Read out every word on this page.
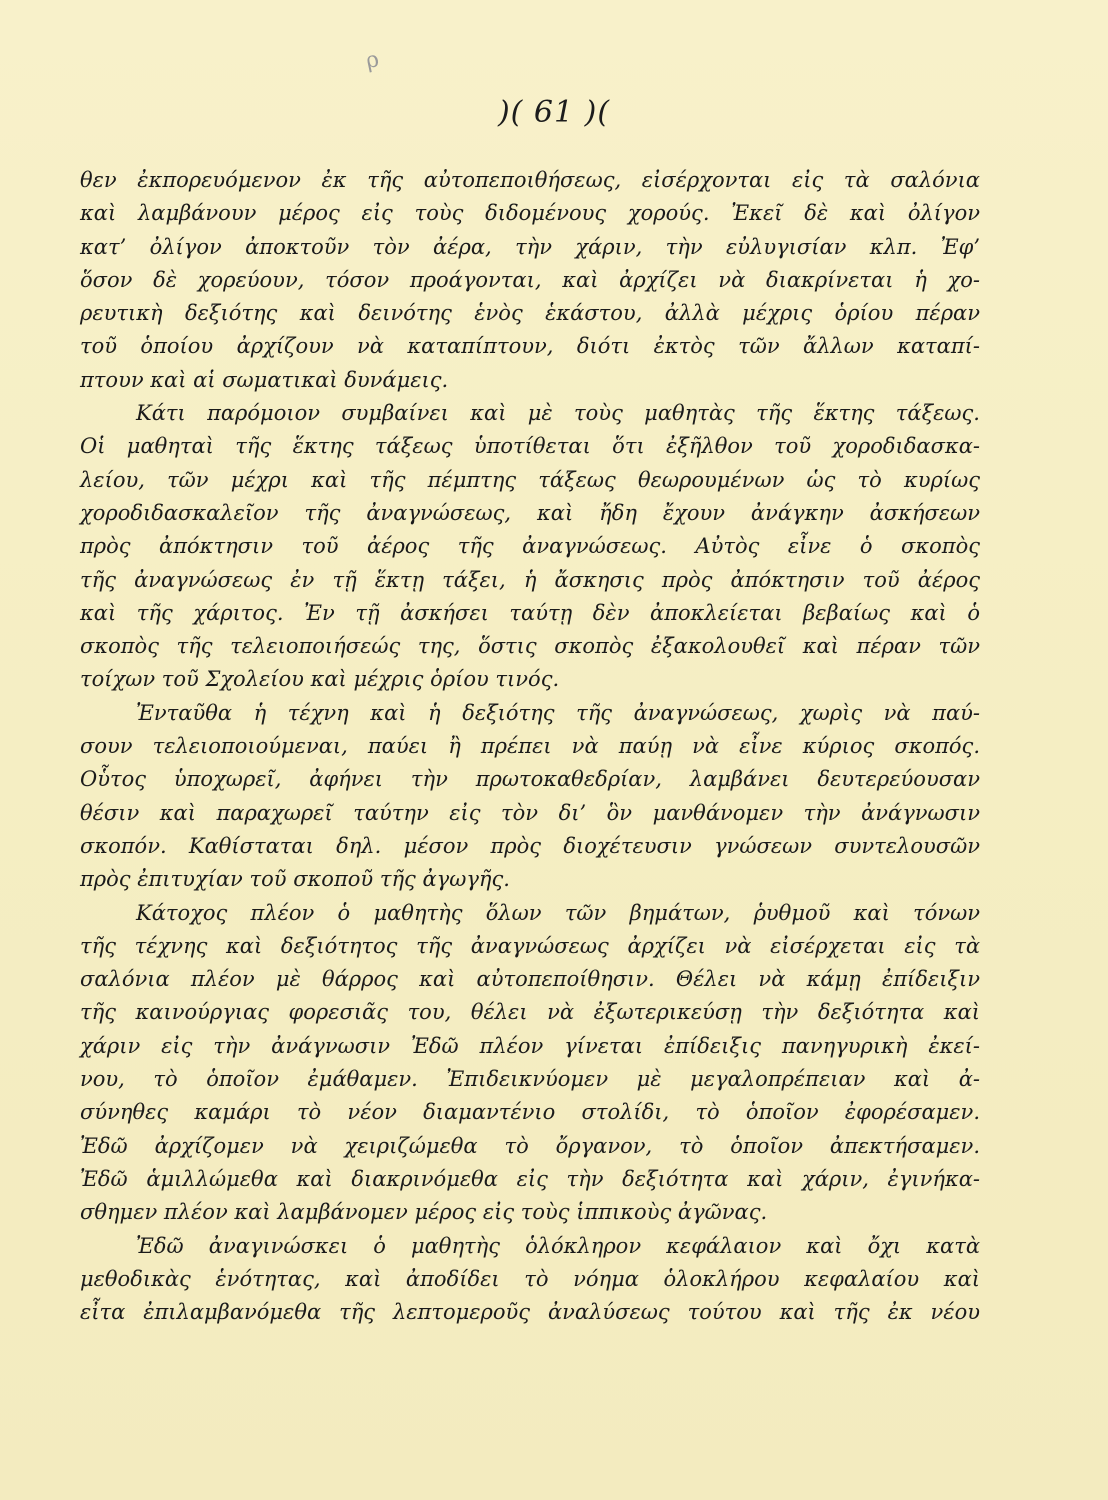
ρ
)( 61 )(
θεν ἐκπορευόμενον ἐκ τῆς αὐτοπεποιθήσεως, εἰσέρχονται εἰς τὰ σαλόνια
καὶ λαμβάνουν μέρος εἰς τοὺς διδομένους χορούς. Ἐκεῖ δὲ καὶ ὀλίγον
κατ’ ὀλίγον ἀποκτοῦν τὸν ἀέρα, τὴν χάριν, τὴν εὐλυγισίαν κλπ. Ἐφ’
ὅσον δὲ χορεύουν, τόσον προάγονται, καὶ ἀρχίζει νὰ διακρίνεται ἡ χο-
ρευτικὴ δεξιότης καὶ δεινότης ἑνὸς ἑκάστου, ἀλλὰ μέχρις ὁρίου πέραν
τοῦ ὁποίου ἀρχίζουν νὰ καταπίπτουν, διότι ἐκτὸς τῶν ἄλλων καταπί-
πτουν καὶ αἱ σωματικαὶ δυνάμεις.
Κάτι παρόμοιον συμβαίνει καὶ μὲ τοὺς μαθητὰς τῆς ἕκτης τάξεως.
Οἱ μαθηταὶ τῆς ἕκτης τάξεως ὑποτίθεται ὅτι ἐξῆλθον τοῦ χοροδιδασκα-
λείου, τῶν μέχρι καὶ τῆς πέμπτης τάξεως θεωρουμένων ὡς τὸ κυρίως
χοροδιδασκαλεῖον τῆς ἀναγνώσεως, καὶ ἤδη ἔχουν ἀνάγκην ἀσκήσεων
πρὸς ἀπόκτησιν τοῦ ἀέρος τῆς ἀναγνώσεως. Αὐτὸς εἶνε ὁ σκοπὸς
τῆς ἀναγνώσεως ἐν τῇ ἕκτῃ τάξει, ἡ ἄσκησις πρὸς ἀπόκτησιν τοῦ ἀέρος
καὶ τῆς χάριτος. Ἐν τῇ ἀσκήσει ταύτῃ δὲν ἀποκλείεται βεβαίως καὶ ὁ
σκοπὸς τῆς τελειοποιήσεώς της, ὅστις σκοπὸς ἐξακολουθεῖ καὶ πέραν τῶν
τοίχων τοῦ Σχολείου καὶ μέχρις ὁρίου τινός.
Ἐνταῦθα ἡ τέχνη καὶ ἡ δεξιότης τῆς ἀναγνώσεως, χωρὶς νὰ παύ-
σουν τελειοποιούμεναι, παύει ἢ πρέπει νὰ παύῃ νὰ εἶνε κύριος σκοπός.
Οὗτος ὑποχωρεῖ, ἀφήνει τὴν πρωτοκαθεδρίαν, λαμβάνει δευτερεύουσαν
θέσιν καὶ παραχωρεῖ ταύτην εἰς τὸν δι’ ὃν μανθάνομεν τὴν ἀνάγνωσιν
σκοπόν. Καθίσταται δηλ. μέσον πρὸς διοχέτευσιν γνώσεων συντελουσῶν
πρὸς ἐπιτυχίαν τοῦ σκοποῦ τῆς ἀγωγῆς.
Κάτοχος πλέον ὁ μαθητὴς ὅλων τῶν βημάτων, ῥυθμοῦ καὶ τόνων
τῆς τέχνης καὶ δεξιότητος τῆς ἀναγνώσεως ἀρχίζει νὰ εἰσέρχεται εἰς τὰ
σαλόνια πλέον μὲ θάρρος καὶ αὐτοπεποίθησιν. Θέλει νὰ κάμῃ ἐπίδειξιν
τῆς καινούργιας φορεσιᾶς του, θέλει νὰ ἐξωτερικεύσῃ τὴν δεξιότητα καὶ
χάριν εἰς τὴν ἀνάγνωσιν Ἐδῶ πλέον γίνεται ἐπίδειξις πανηγυρικὴ ἐκεί-
νου, τὸ ὁποῖον ἐμάθαμεν. Ἐπιδεικνύομεν μὲ μεγαλοπρέπειαν καὶ ἀ-
σύνηθες καμάρι τὸ νέον διαμαντένιο στολίδι, τὸ ὁποῖον ἐφορέσαμεν.
Ἐδῶ ἀρχίζομεν νὰ χειριζώμεθα τὸ ὄργανον, τὸ ὁποῖον ἀπεκτήσαμεν.
Ἐδῶ ἁμιλλώμεθα καὶ διακρινόμεθα εἰς τὴν δεξιότητα καὶ χάριν, ἐγινήκα-
σθημεν πλέον καὶ λαμβάνομεν μέρος εἰς τοὺς ἱππικοὺς ἀγῶνας.
Ἐδῶ ἀναγινώσκει ὁ μαθητὴς ὁλόκληρον κεφάλαιον καὶ ὄχι κατὰ
μεθοδικὰς ἑνότητας, καὶ ἀποδίδει τὸ νόημα ὁλοκλήρου κεφαλαίου καὶ
εἶτα ἐπιλαμβανόμεθα τῆς λεπτομεροῦς ἀναλύσεως τούτου καὶ τῆς ἐκ νέου
